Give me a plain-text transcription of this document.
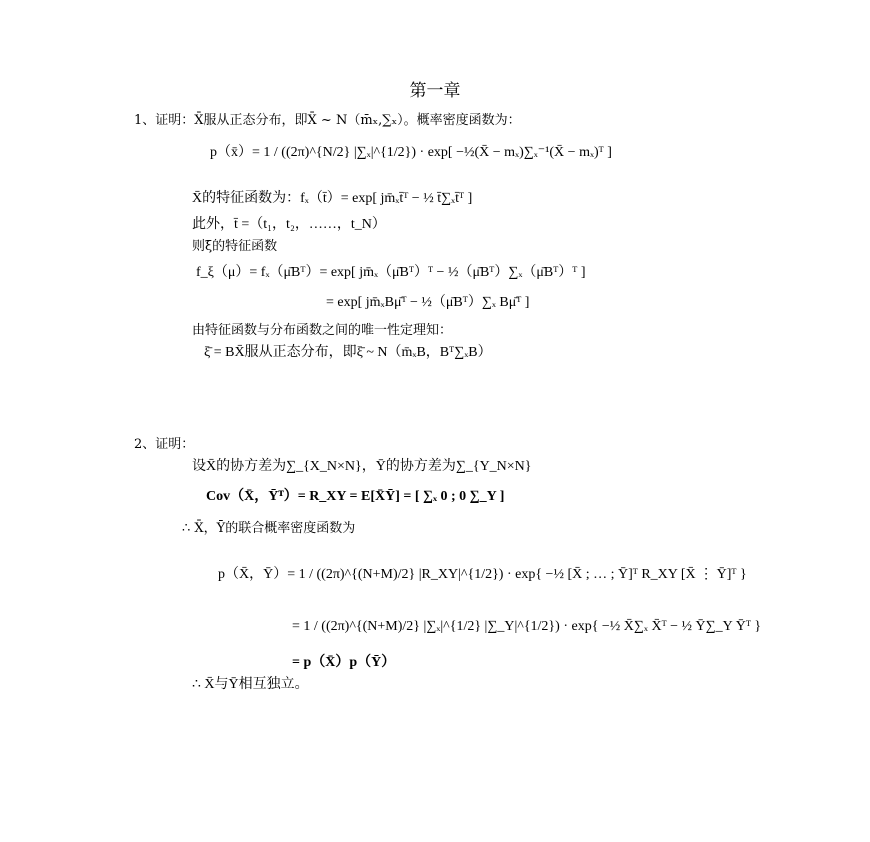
第一章
1、证明：X̄服从正态分布，即X̄ ~ N（m̄ₓ,∑ₓ）。概率密度函数为：
p（x̄）= 1 / ((2π)^{N/2} |∑ₓ|^{1/2}) · exp[ −½(X̄ − mₓ)∑ₓ⁻¹(X̄ − mₓ)ᵀ ]
X̄的特征函数为：fₓ（t̄）= exp[ jm̄ₓt̄ᵀ − ½ t̄∑ₓt̄ᵀ ]
此外，t̄ =（t₁，t₂，……，t_N）
则ξ̄的特征函数
f_ξ（μ）= fₓ（μ̄Bᵀ）= exp[ jm̄ₓ（μ̄Bᵀ）ᵀ − ½（μ̄Bᵀ）∑ₓ（μ̄Bᵀ）ᵀ ]
= exp[ jm̄ₓBμ̄ᵀ − ½（μ̄Bᵀ）∑ₓ Bμ̄ᵀ ]
由特征函数与分布函数之间的唯一性定理知：
ξ̄ = BX̄服从正态分布，即ξ̄ ~ N（m̄ₓB，Bᵀ∑ₓB）
2、证明：
设X̄的协方差为∑_{X_N×N}，Ȳ的协方差为∑_{Y_N×N}
Cov（X̄，Ȳᵀ）= R_XY = E[X̄Ȳ] = [ ∑ₓ 0 ; 0 ∑_Y ]
∴ X̄，Ȳ的联合概率密度函数为
p（X̄，Ȳ）= 1 / ((2π)^{(N+M)/2} |R_XY|^{1/2}) · exp{ −½ [X̄ ; … ; Ȳ]ᵀ R_XY [X̄ ⋮ Ȳ]ᵀ }
= 1 / ((2π)^{(N+M)/2} |∑ₓ|^{1/2} |∑_Y|^{1/2}) · exp{ −½ X̄∑ₓ X̄ᵀ − ½ Ȳ∑_Y Ȳᵀ }
= p（X̄）p（Ȳ）
∴ X̄与Ȳ相互独立。
